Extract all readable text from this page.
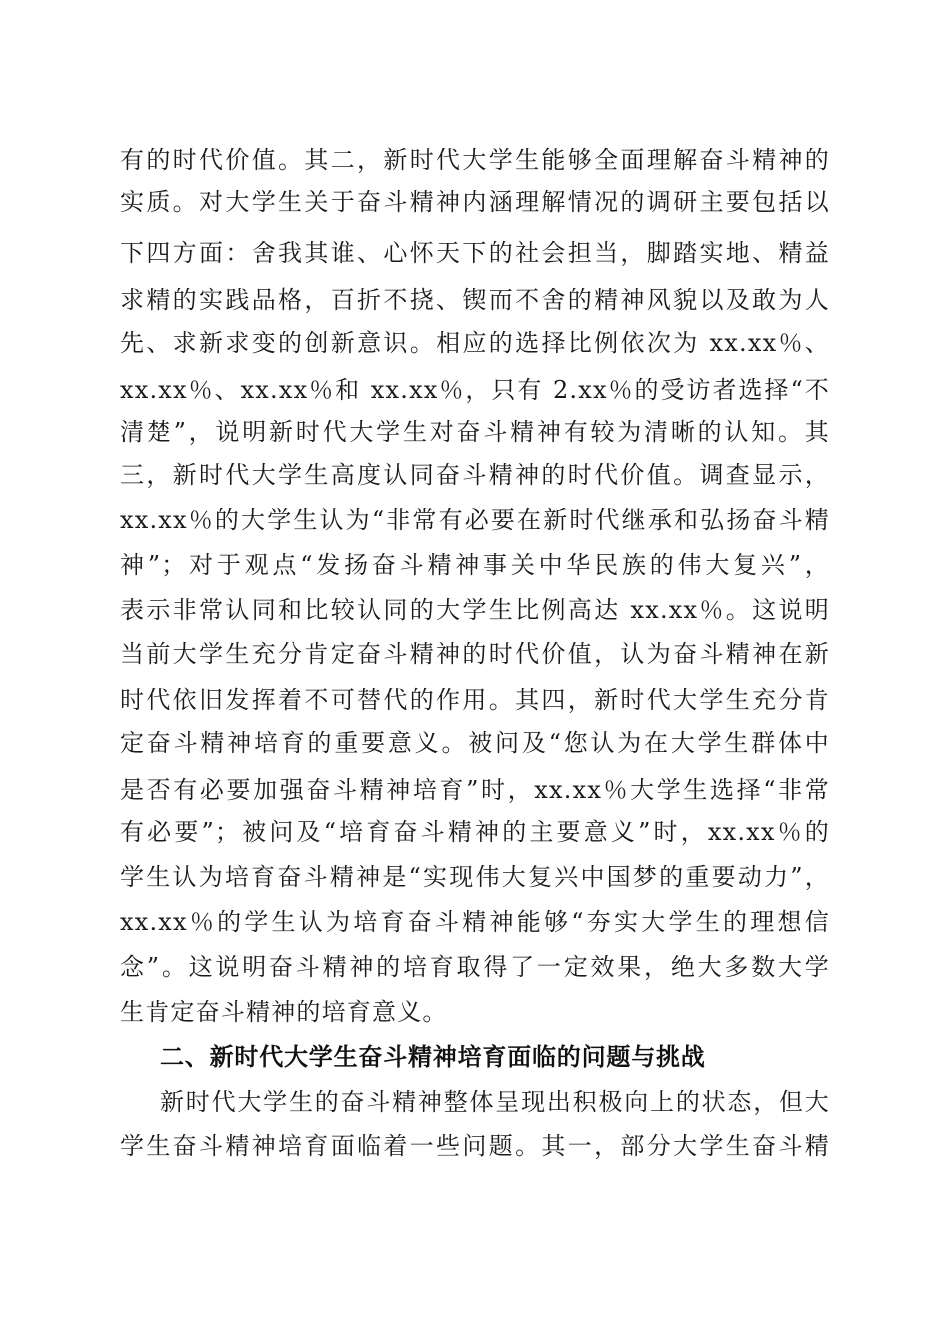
有的时代价值。其二，新时代大学生能够全面理解奋斗精神的
实质。对大学生关于奋斗精神内涵理解情况的调研主要包括以
下四方面：舍我其谁、心怀天下的社会担当，脚踏实地、精益
求精的实践品格，百折不挠、锲而不舍的精神风貌以及敢为人
先、求新求变的创新意识。相应的选择比例依次为 xx.xx％、
xx.xx％、xx.xx％和 xx.xx％，只有 2.xx％的受访者选择“不
清楚”，说明新时代大学生对奋斗精神有较为清晰的认知。其
三，新时代大学生高度认同奋斗精神的时代价值。调查显示，
xx.xx％的大学生认为“非常有必要在新时代继承和弘扬奋斗精
神”；对于观点“发扬奋斗精神事关中华民族的伟大复兴”，
表示非常认同和比较认同的大学生比例高达 xx.xx％。这说明
当前大学生充分肯定奋斗精神的时代价值，认为奋斗精神在新
时代依旧发挥着不可替代的作用。其四，新时代大学生充分肯
定奋斗精神培育的重要意义。被问及“您认为在大学生群体中
是否有必要加强奋斗精神培育”时，xx.xx％大学生选择“非常
有必要”；被问及“培育奋斗精神的主要意义”时，xx.xx％的
学生认为培育奋斗精神是“实现伟大复兴中国梦的重要动力”，
xx.xx％的学生认为培育奋斗精神能够“夯实大学生的理想信
念”。这说明奋斗精神的培育取得了一定效果，绝大多数大学
生肯定奋斗精神的培育意义。
二、新时代大学生奋斗精神培育面临的问题与挑战
新时代大学生的奋斗精神整体呈现出积极向上的状态，但大
学生奋斗精神培育面临着一些问题。其一，部分大学生奋斗精
